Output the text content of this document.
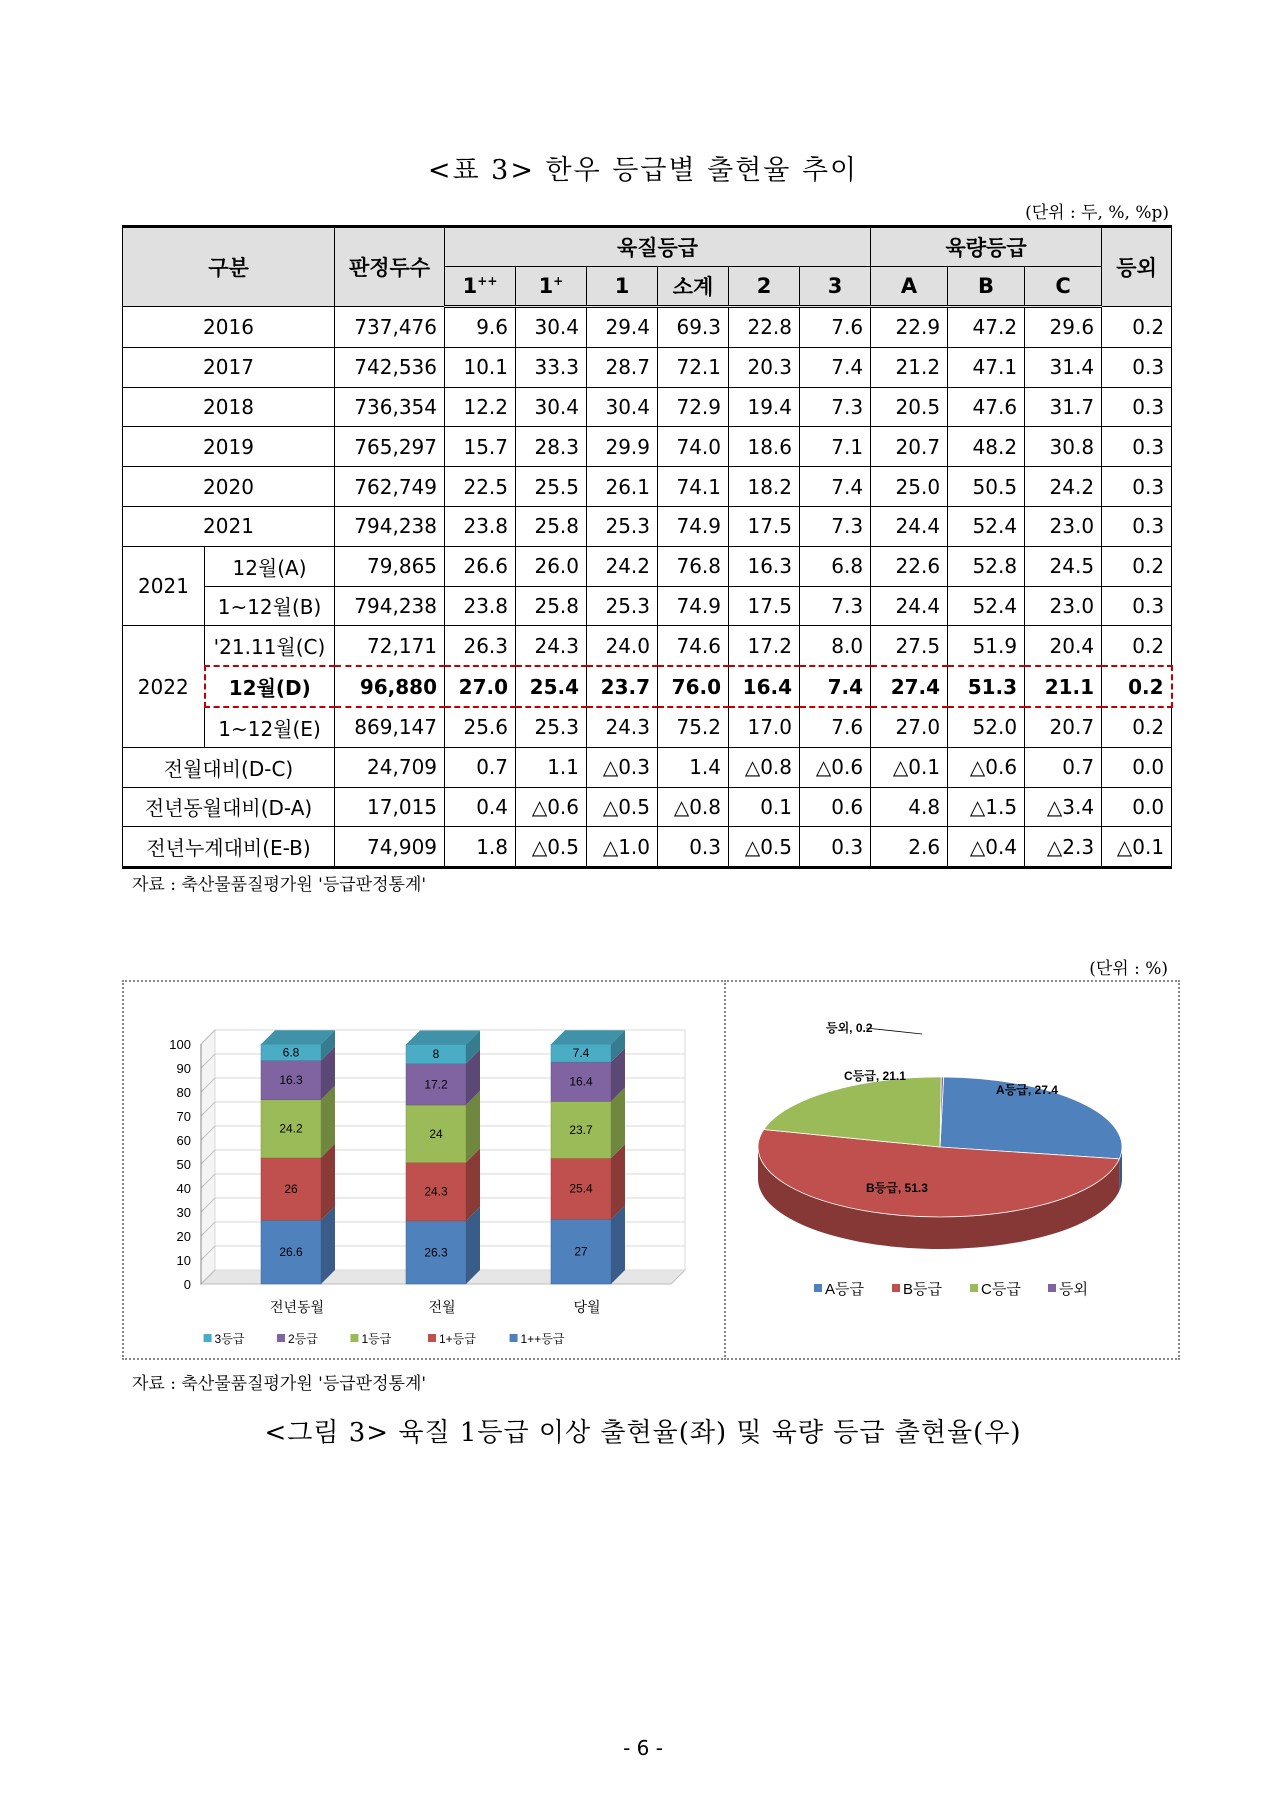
<표 3> 한우 등급별 출현율 추이
(단위 : 두, %, %p)
구분		판정두수	육질등급						육량등급			등외
			1++	1+	1	소계	2	3	A	B	C	
2016		737,476	9.6	30.4	29.4	69.3	22.8	7.6	22.9	47.2	29.6	0.2
2017		742,536	10.1	33.3	28.7	72.1	20.3	7.4	21.2	47.1	31.4	0.3
2018		736,354	12.2	30.4	30.4	72.9	19.4	7.3	20.5	47.6	31.7	0.3
2019		765,297	15.7	28.3	29.9	74.0	18.6	7.1	20.7	48.2	30.8	0.3
2020		762,749	22.5	25.5	26.1	74.1	18.2	7.4	25.0	50.5	24.2	0.3
2021		794,238	23.8	25.8	25.3	74.9	17.5	7.3	24.4	52.4	23.0	0.3
2021	12월(A)	79,865	26.6	26.0	24.2	76.8	16.3	6.8	22.6	52.8	24.5	0.2
	1~12월(B)	794,238	23.8	25.8	25.3	74.9	17.5	7.3	24.4	52.4	23.0	0.3
2022	'21.11월(C)	72,171	26.3	24.3	24.0	74.6	17.2	8.0	27.5	51.9	20.4	0.2
	12월(D)	96,880	27.0	25.4	23.7	76.0	16.4	7.4	27.4	51.3	21.1	0.2
	1~12월(E)	869,147	25.6	25.3	24.3	75.2	17.0	7.6	27.0	52.0	20.7	0.2
전월대비(D-C)		24,709	0.7	1.1	△0.3	1.4	△0.8	△0.6	△0.1	△0.6	0.7	0.0
전년동월대비(D-A)		17,015	0.4	△0.6	△0.5	△0.8	0.1	0.6	4.8	△1.5	△3.4	0.0
전년누계대비(E-B)		74,909	1.8	△0.5	△1.0	0.3	△0.5	0.3	2.6	△0.4	△2.3	△0.1
자료 : 축산물품질평가원 '등급판정통계'
(단위 : %)
0
10
20
30
40
50
60
70
80
90
100
26.6
26
24.2
16.3
6.8
전년동월
26.3
24.3
24
17.2
8
전월
27
25.4
23.7
16.4
7.4
당월
3등급	2등급	1등급	1+등급	1++등급
A등급, 27.4
B등급, 51.3
C등급, 21.1
등외, 0.2
A등급	B등급	C등급	등외
자료 : 축산물품질평가원 '등급판정통계'
<그림 3> 육질 1등급 이상 출현율(좌) 및 육량 등급 출현율(우)
- 6 -
